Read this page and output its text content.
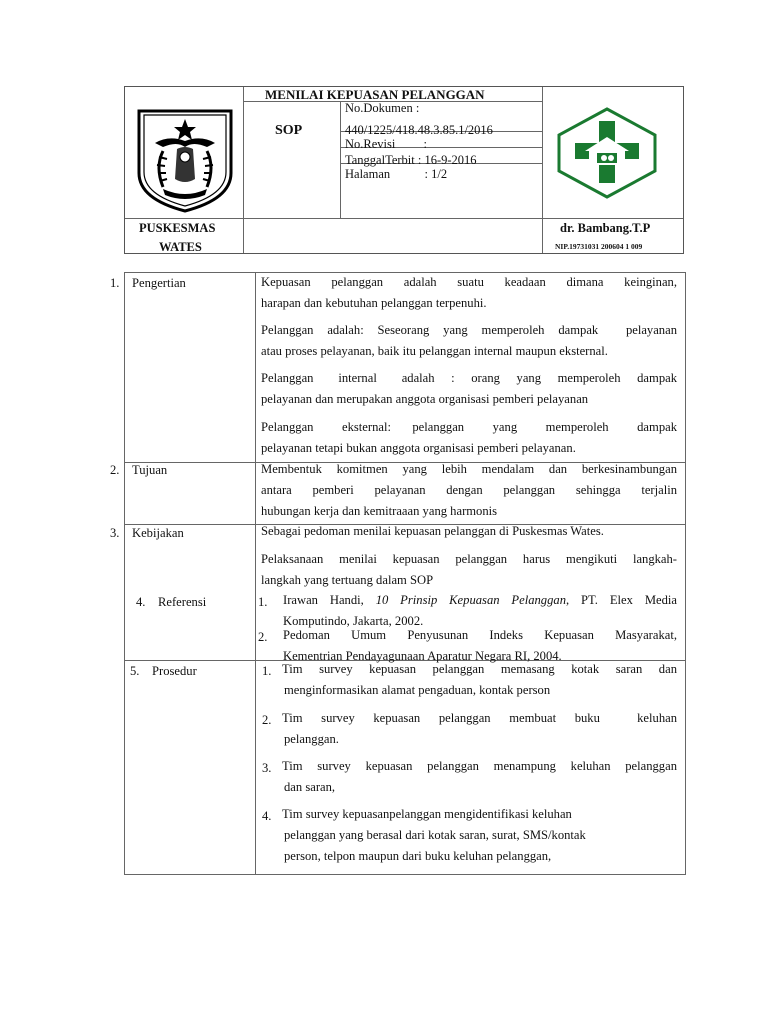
MENILAI KEPUASAN PELANGGAN
SOP
No.Dokumen :
440/1225/418.48.3.85.1/2016
No.Revisi         :
TanggalTerbit : 16-9-2016
Halaman           : 1/2
PUSKESMAS
WATES
dr. Bambang.T.P
NIP.19731031 200604 1 009
1. Pengertian	Kepuasan  pelanggan  adalah  suatu  keadaan  dimana  keinginan,
harapan dan kebutuhan pelanggan terpenuhi.
Pelanggan adalah: Seseorang yang memperoleh dampak  pelayanan
atau proses pelayanan, baik itu pelanggan internal maupun eksternal.
Pelanggan   internal   adalah  :  orang  yang  memperoleh  dampak
pelayanan dan merupakan anggota organisasi pemberi pelayanan
Pelanggan    eksternal:   pelanggan    yang    memperoleh    dampak
pelayanan tetapi bukan anggota organisasi pemberi pelayanan.
2. Tujuan	Membentuk komitmen yang lebih mendalam dan berkesinambungan
antara  pemberi  pelayanan  dengan  pelanggan  sehingga  terjalin
hubungan kerja dan kemitraaan yang harmonis
3. Kebijakan	Sebagai pedoman menilai kepuasan pelanggan di Puskesmas Wates.
Pelaksanaan menilai kepuasan pelanggan harus mengikuti langkah-
langkah yang tertuang dalam SOP
4. Referensi	1. Irawan Handi, 10 Prinsip Kepuasan Pelanggan, PT. Elex Media
Komputindo, Jakarta, 2002.
2. Pedoman  Umum  Penyusunan  Indeks  Kepuasan  Masyarakat,
Kementrian Pendayagunaan Aparatur Negara RI, 2004.
5. Prosedur	1. Tim  survey  kepuasan  pelanggan  memasang  kotak  saran  dan
menginformasikan alamat pengaduan, kontak person
2. Tim   survey   kepuasan   pelanggan   membuat   buku      keluhan
pelanggan.
3. Tim survey kepuasan pelanggan menampung keluhan pelanggan
dan saran,
4. Tim survey kepuasanpelanggan mengidentifikasi keluhan
pelanggan yang berasal dari kotak saran, surat, SMS/kontak
person, telpon maupun dari buku keluhan pelanggan,
